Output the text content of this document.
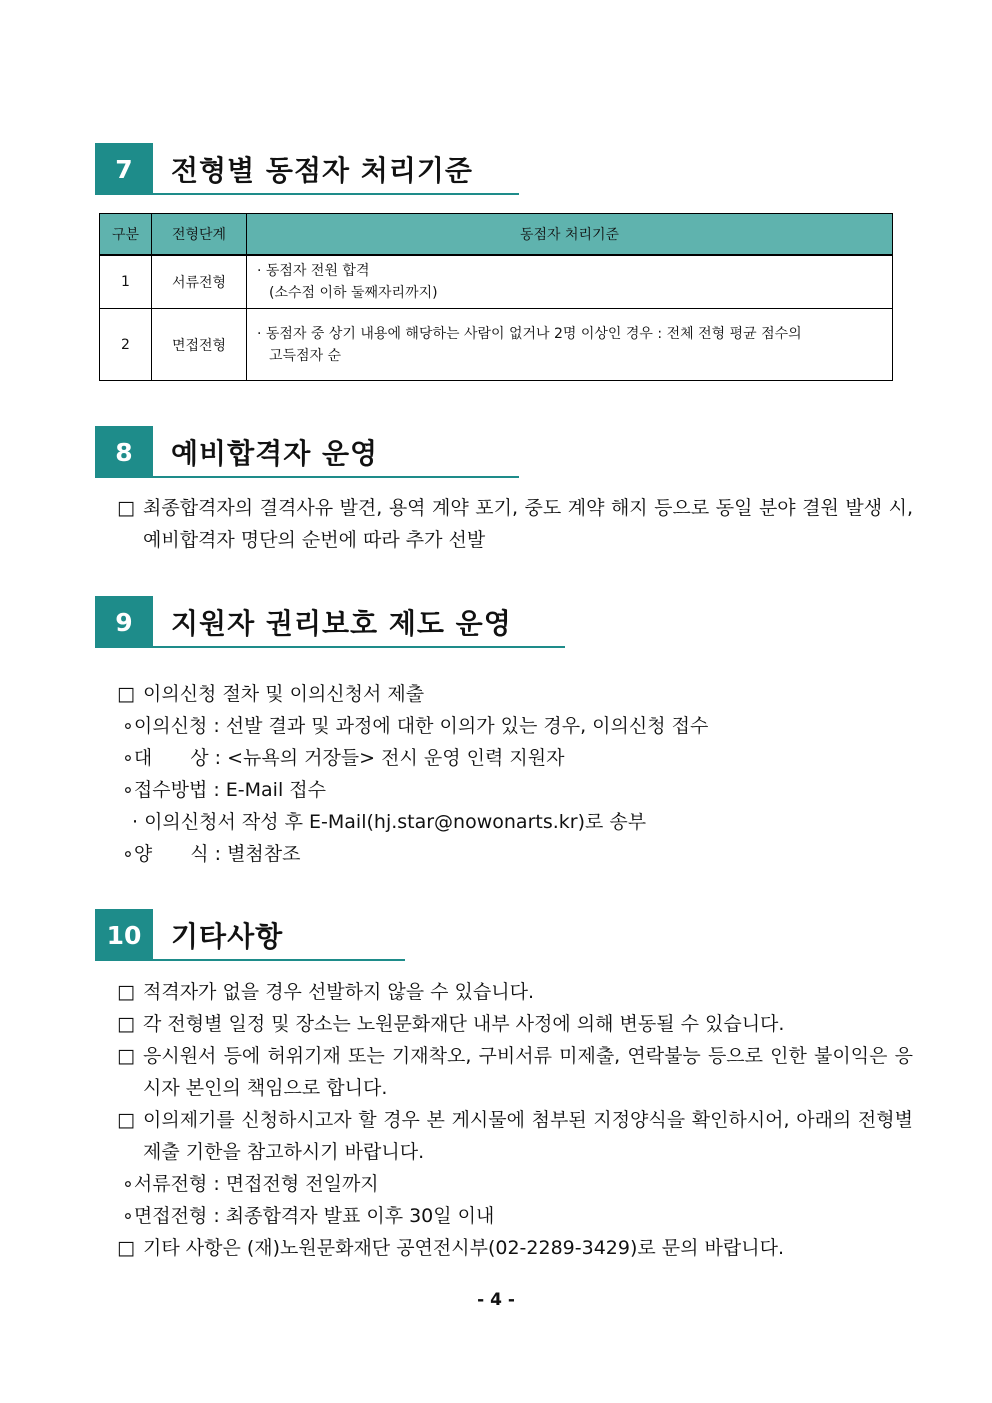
7	전형별 동점자 처리기준
구분	전형단계	동점자 처리기준
1	서류전형	· 동점자 전원 합격
(소수점 이하 둘째자리까지)

2	면접전형	· 동점자 중 상기 내용에 해당하는 사람이 없거나 2명 이상인 경우 : 전체 전형 평균 점수의
고득점자 순
8	예비합격자 운영
□ 최종합격자의 결격사유 발견, 용역 계약 포기, 중도 계약 해지 등으로 동일 분야 결원 발생 시, 예비합격자 명단의 순번에 따라 추가 선발
9	지원자 권리보호 제도 운영
□ 이의신청 절차 및 이의신청서 제출
∘이의신청 : 선발 결과 및 과정에 대한 이의가 있는 경우, 이의신청 접수
∘대　　상 : <뉴욕의 거장들> 전시 운영 인력 지원자
∘접수방법 : E-Mail 접수
· 이의신청서 작성 후 E-Mail(hj.star@nowonarts.kr)로 송부
∘양　　식 : 별첨참조
10	기타사항
□ 적격자가 없을 경우 선발하지 않을 수 있습니다.
□ 각 전형별 일정 및 장소는 노원문화재단 내부 사정에 의해 변동될 수 있습니다.
□ 응시원서 등에 허위기재 또는 기재착오, 구비서류 미제출, 연락불능 등으로 인한 불이익은 응시자 본인의 책임으로 합니다.
□ 이의제기를 신청하시고자 할 경우 본 게시물에 첨부된 지정양식을 확인하시어, 아래의 전형별 제출 기한을 참고하시기 바랍니다.
∘서류전형 : 면접전형 전일까지
∘면접전형 : 최종합격자 발표 이후 30일 이내
□ 기타 사항은 (재)노원문화재단 공연전시부(02-2289-3429)로 문의 바랍니다.
- 4 -
